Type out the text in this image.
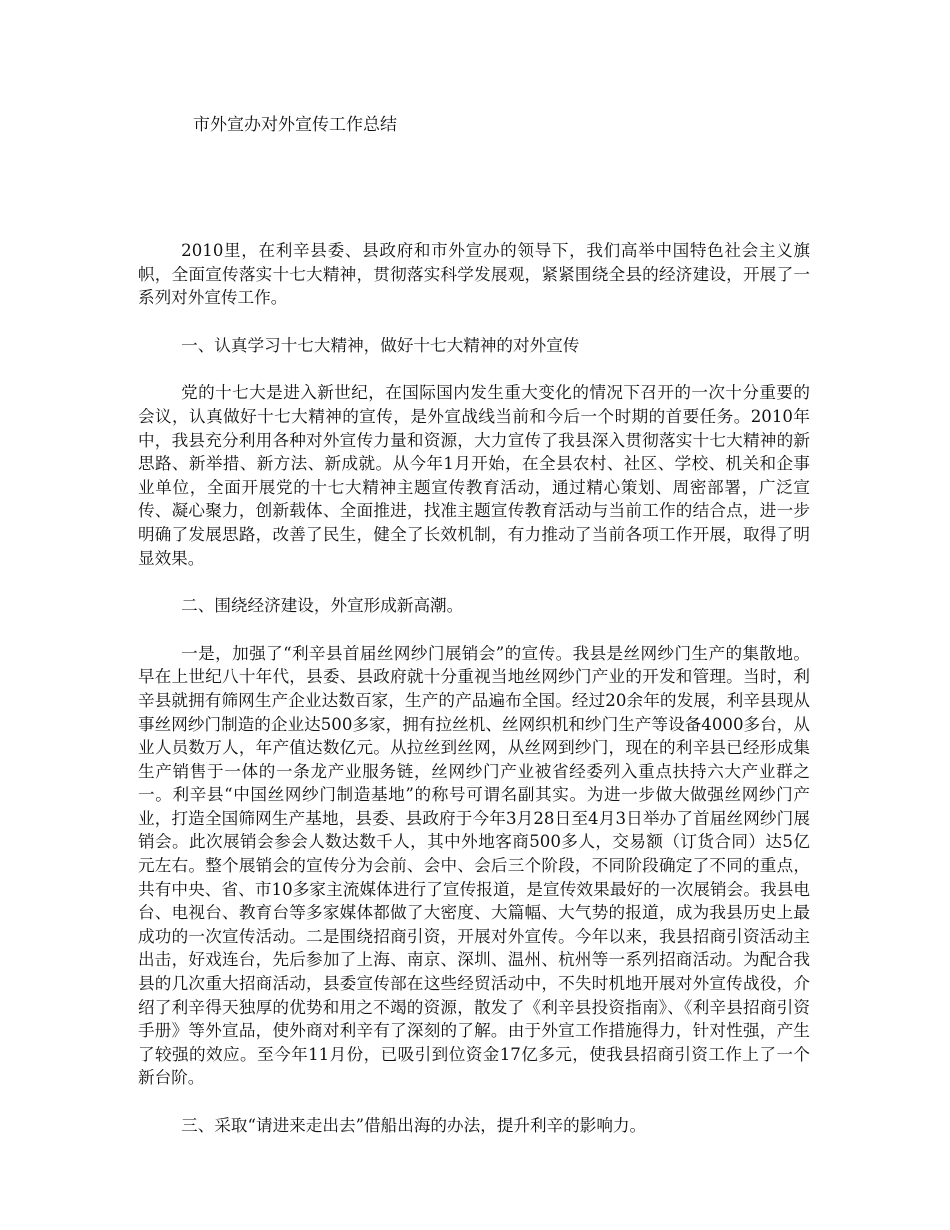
市外宣办对外宣传工作总结

2010里，在利辛县委、县政府和市外宣办的领导下，我们高举中国特色社会主义旗帜，全面宣传落实十七大精神，贯彻落实科学发展观，紧紧围绕全县的经济建设，开展了一系列对外宣传工作。

一、认真学习十七大精神，做好十七大精神的对外宣传

党的十七大是进入新世纪，在国际国内发生重大变化的情况下召开的一次十分重要的会议，认真做好十七大精神的宣传，是外宣战线当前和今后一个时期的首要任务。2010年中，我县充分利用各种对外宣传力量和资源，大力宣传了我县深入贯彻落实十七大精神的新思路、新举措、新方法、新成就。从今年1月开始，在全县农村、社区、学校、机关和企事业单位，全面开展党的十七大精神主题宣传教育活动，通过精心策划、周密部署，广泛宣传、凝心聚力，创新载体、全面推进，找准主题宣传教育活动与当前工作的结合点，进一步明确了发展思路，改善了民生，健全了长效机制，有力推动了当前各项工作开展，取得了明显效果。

二、围绕经济建设，外宣形成新高潮。

一是，加强了“利辛县首届丝网纱门展销会”的宣传。我县是丝网纱门生产的集散地。早在上世纪八十年代，县委、县政府就十分重视当地丝网纱门产业的开发和管理。当时，利辛县就拥有筛网生产企业达数百家，生产的产品遍布全国。经过20余年的发展，利辛县现从事丝网纱门制造的企业达500多家，拥有拉丝机、丝网织机和纱门生产等设备4000多台，从业人员数万人，年产值达数亿元。从拉丝到丝网，从丝网到纱门，现在的利辛县已经形成集生产销售于一体的一条龙产业服务链，丝网纱门产业被省经委列入重点扶持六大产业群之一。利辛县“中国丝网纱门制造基地”的称号可谓名副其实。为进一步做大做强丝网纱门产业，打造全国筛网生产基地，县委、县政府于今年3月28日至4月3日举办了首届丝网纱门展销会。此次展销会参会人数达数千人，其中外地客商500多人，交易额（订货合同）达5亿元左右。整个展销会的宣传分为会前、会中、会后三个阶段，不同阶段确定了不同的重点，共有中央、省、市10多家主流媒体进行了宣传报道，是宣传效果最好的一次展销会。我县电台、电视台、教育台等多家媒体都做了大密度、大篇幅、大气势的报道，成为我县历史上最成功的一次宣传活动。二是围绕招商引资，开展对外宣传。今年以来，我县招商引资活动主出击，好戏连台，先后参加了上海、南京、深圳、温州、杭州等一系列招商活动。为配合我县的几次重大招商活动，县委宣传部在这些经贸活动中，不失时机地开展对外宣传战役，介绍了利辛得天独厚的优势和用之不竭的资源，散发了《利辛县投资指南》、《利辛县招商引资手册》等外宣品，使外商对利辛有了深刻的了解。由于外宣工作措施得力，针对性强，产生了较强的效应。至今年11月份，已吸引到位资金17亿多元，使我县招商引资工作上了一个新台阶。

三、采取“请进来走出去”借船出海的办法，提升利辛的影响力。
